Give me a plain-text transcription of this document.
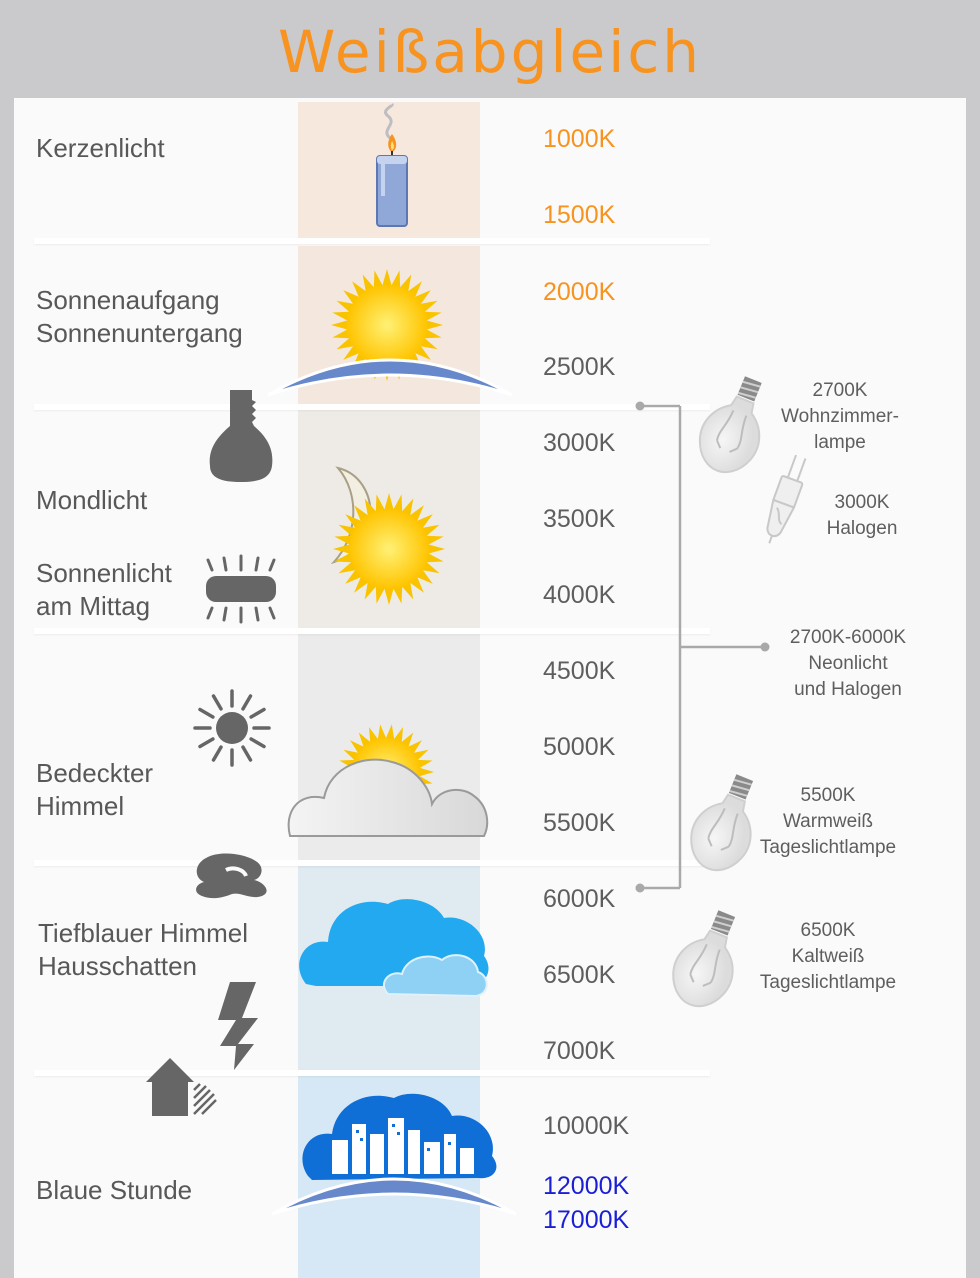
Weißabgleich
Kerzenlicht
Sonnenaufgang
Sonnenuntergang
Mondlicht
Sonnenlicht
am Mittag
Bedeckter
Himmel
Tiefblauer Himmel
Hausschatten
Blaue Stunde
1000K
1500K
2000K
2500K
3000K
3500K
4000K
4500K
5000K
5500K
6000K
6500K
7000K
10000K
12000K
17000K
2700K
Wohnzimmer-
lampe
3000K
Halogen
2700K-6000K
Neonlicht
und Halogen
5500K
Warmweiß
Tageslichtlampe
6500K
Kaltweiß
Tageslichtlampe
